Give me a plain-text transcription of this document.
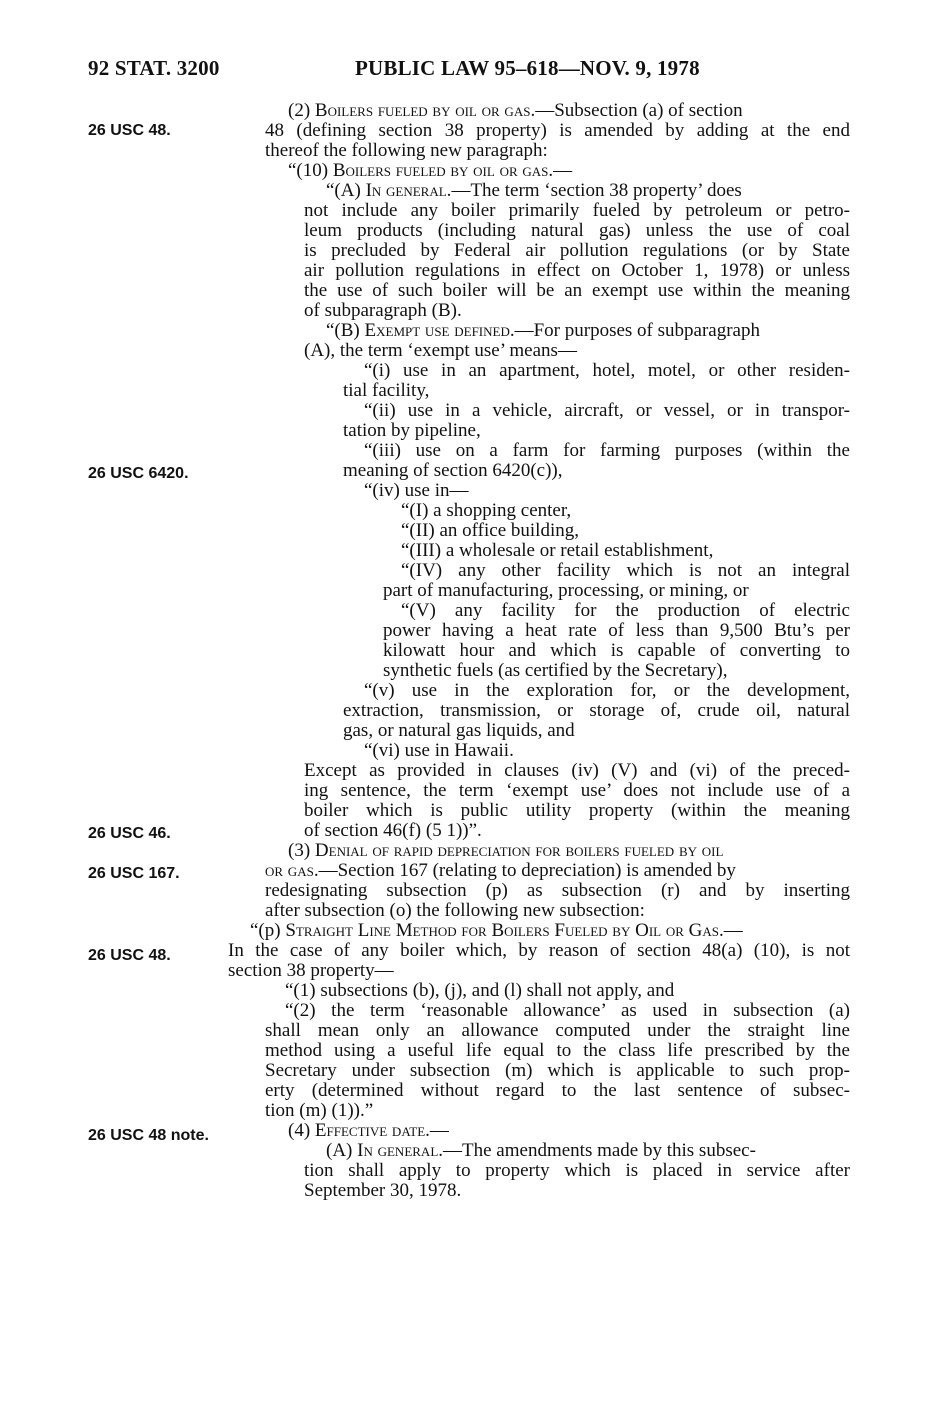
92 STAT. 3200	PUBLIC LAW 95–618—NOV. 9, 1978
26 USC 48.
26 USC 6420.
26 USC 46.
26 USC 167.
26 USC 48.
26 USC 48 note.
(2) Boilers fueled by oil or gas.—Subsection (a) of section
48 (defining section 38 property) is amended by adding at the end
thereof the following new paragraph:
“(10) Boilers fueled by oil or gas.—
“(A) In general.—The term ‘section 38 property’ does
not include any boiler primarily fueled by petroleum or petro-
leum products (including natural gas) unless the use of coal
is precluded by Federal air pollution regulations (or by State
air pollution regulations in effect on October 1, 1978) or unless
the use of such boiler will be an exempt use within the meaning
of subparagraph (B).
“(B) Exempt use defined.—For purposes of subparagraph
(A), the term ‘exempt use’ means—
“(i) use in an apartment, hotel, motel, or other residen-
tial facility,
“(ii) use in a vehicle, aircraft, or vessel, or in transpor-
tation by pipeline,
“(iii) use on a farm for farming purposes (within the
meaning of section 6420(c)),
“(iv) use in—
“(I) a shopping center,
“(II) an office building,
“(III) a wholesale or retail establishment,
“(IV) any other facility which is not an integral
part of manufacturing, processing, or mining, or
“(V) any facility for the production of electric
power having a heat rate of less than 9,500 Btu’s per
kilowatt hour and which is capable of converting to
synthetic fuels (as certified by the Secretary),
“(v) use in the exploration for, or the development,
extraction, transmission, or storage of, crude oil, natural
gas, or natural gas liquids, and
“(vi) use in Hawaii.
Except as provided in clauses (iv) (V) and (vi) of the preced-
ing sentence, the term ‘exempt use’ does not include use of a
boiler which is public utility property (within the meaning
of section 46(f) (5 1))”.
(3) Denial of rapid depreciation for boilers fueled by oil
or gas.—Section 167 (relating to depreciation) is amended by
redesignating subsection (p) as subsection (r) and by inserting
after subsection (o) the following new subsection:
“(p) Straight Line Method for Boilers Fueled by Oil or Gas.—
In the case of any boiler which, by reason of section 48(a) (10), is not
section 38 property—
“(1) subsections (b), (j), and (l) shall not apply, and
“(2) the term ‘reasonable allowance’ as used in subsection (a)
shall mean only an allowance computed under the straight line
method using a useful life equal to the class life prescribed by the
Secretary under subsection (m) which is applicable to such prop-
erty (determined without regard to the last sentence of subsec-
tion (m) (1)).”
(4) Effective date.—
(A) In general.—The amendments made by this subsec-
tion shall apply to property which is placed in service after
September 30, 1978.
